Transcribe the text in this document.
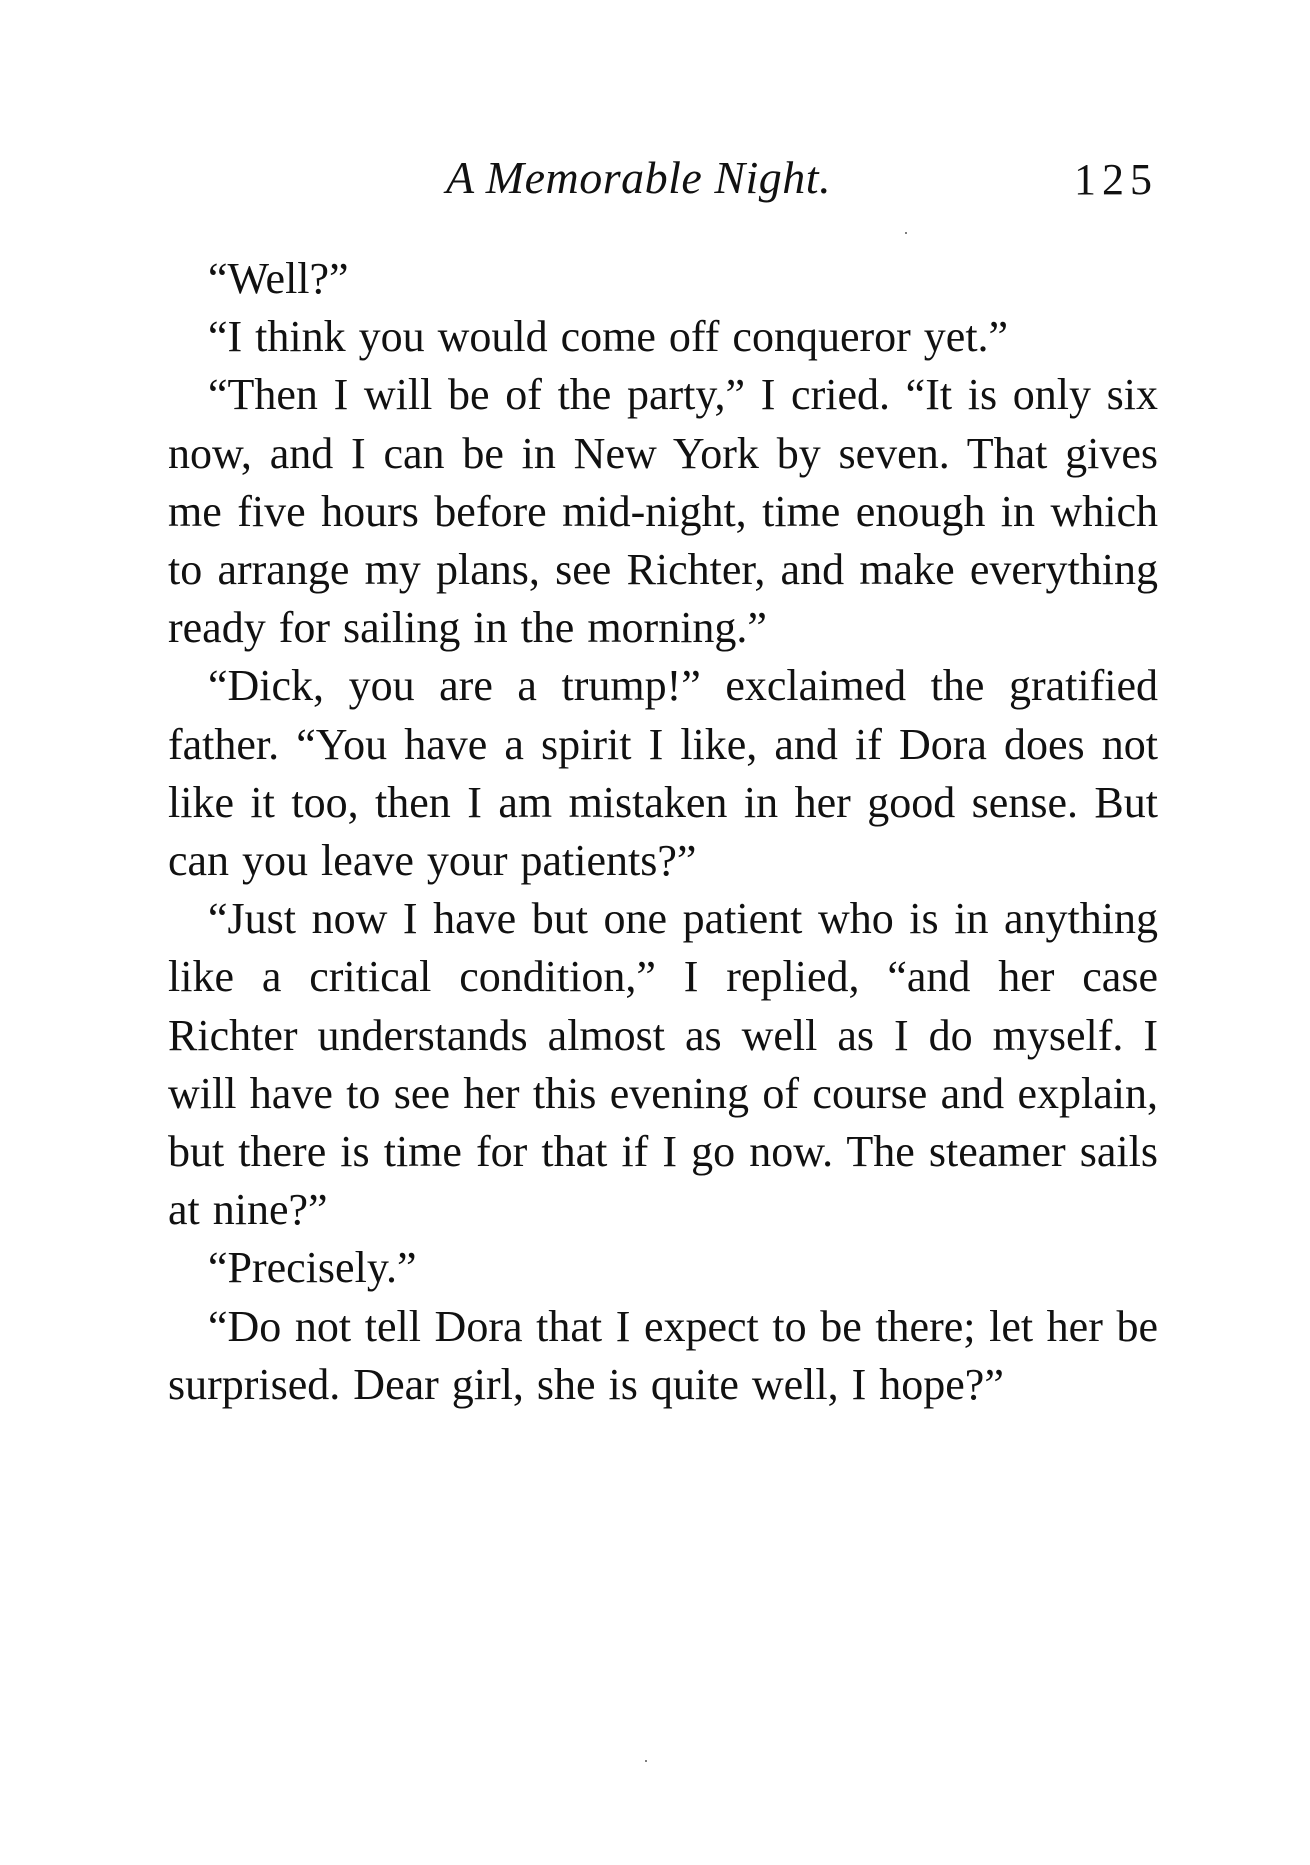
A Memorable Night.	125

“Well?”

“I think you would come off conqueror yet.”

“Then I will be of the party,” I cried. “It is only six now, and I can be in New York by seven. That gives me five hours before mid-night, time enough in which to arrange my plans, see Richter, and make everything ready for sailing in the morning.”

“Dick, you are a trump!” exclaimed the gratified father. “You have a spirit I like, and if Dora does not like it too, then I am mistaken in her good sense. But can you leave your patients?”

“Just now I have but one patient who is in anything like a critical condition,” I replied, “and her case Richter understands almost as well as I do myself. I will have to see her this evening of course and explain, but there is time for that if I go now. The steamer sails at nine?”

“Precisely.”

“Do not tell Dora that I expect to be there; let her be surprised. Dear girl, she is quite well, I hope?”
